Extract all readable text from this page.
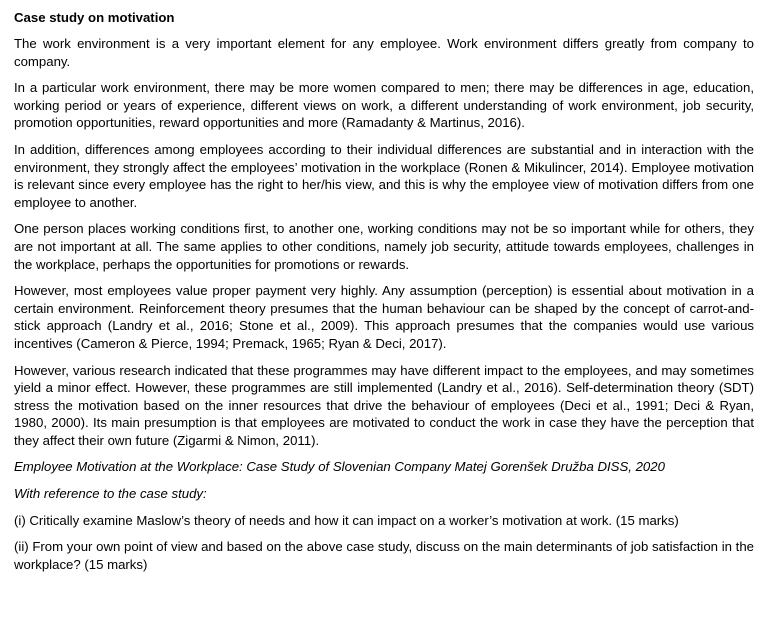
Case study on motivation

The work environment is a very important element for any employee. Work environment differs greatly from company to company.

In a particular work environment, there may be more women compared to men; there may be differences in age, education, working period or years of experience, different views on work, a different understanding of work environment, job security, promotion opportunities, reward opportunities and more (Ramadanty & Martinus, 2016).

In addition, differences among employees according to their individual differences are substantial and in interaction with the environment, they strongly affect the employees’ motivation in the workplace (Ronen & Mikulincer, 2014). Employee motivation is relevant since every employee has the right to her/his view, and this is why the employee view of motivation differs from one employee to another.

One person places working conditions first, to another one, working conditions may not be so important while for others, they are not important at all. The same applies to other conditions, namely job security, attitude towards employees, challenges in the workplace, perhaps the opportunities for promotions or rewards.

However, most employees value proper payment very highly. Any assumption (perception) is essential about motivation in a certain environment. Reinforcement theory presumes that the human behaviour can be shaped by the concept of carrot-and-stick approach (Landry et al., 2016; Stone et al., 2009). This approach presumes that the companies would use various incentives (Cameron & Pierce, 1994; Premack, 1965; Ryan & Deci, 2017).

However, various research indicated that these programmes may have different impact to the employees, and may sometimes yield a minor effect. However, these programmes are still implemented (Landry et al., 2016). Self-determination theory (SDT) stress the motivation based on the inner resources that drive the behaviour of employees (Deci et al., 1991; Deci & Ryan, 1980, 2000). Its main presumption is that employees are motivated to conduct the work in case they have the perception that they affect their own future (Zigarmi & Nimon, 2011).

Employee Motivation at the Workplace: Case Study of Slovenian Company Matej Gorenšek Družba DISS, 2020

With reference to the case study:

(i) Critically examine Maslow’s theory of needs and how it can impact on a worker’s motivation at work. (15 marks)

(ii) From your own point of view and based on the above case study, discuss on the main determinants of job satisfaction in the workplace? (15 marks)
